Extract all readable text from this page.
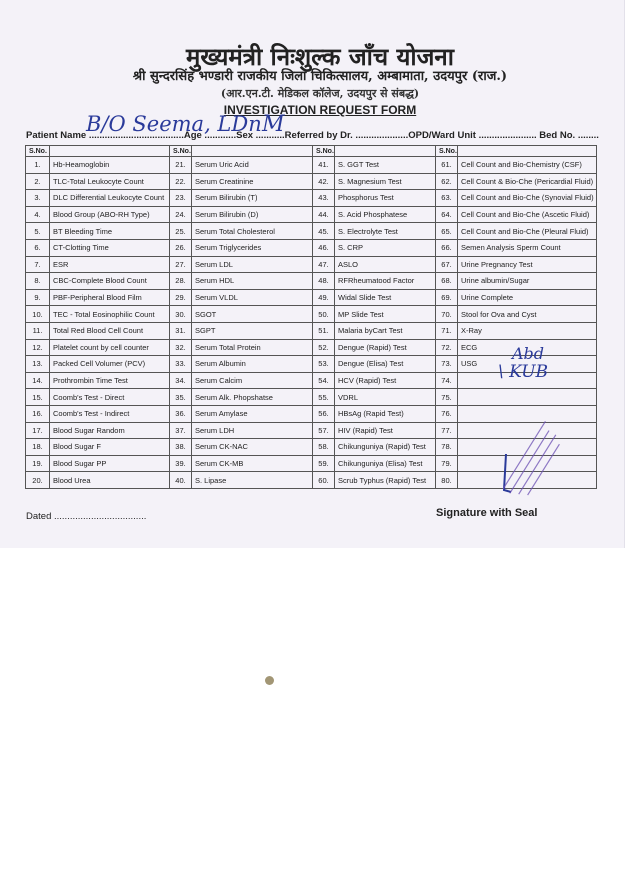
मुख्यमंत्री निःशुल्क जाँच योजना
श्री सुन्दरसिंह भण्डारी राजकीय जिला चिकित्सालय, अम्बामाता, उदयपुर (राज.)
(आर.एन.टी. मेडिकल कॉलेज, उदयपुर से संबद्ध)
INVESTIGATION REQUEST FORM
Patient Name ....................................Age ............Sex ...........Referred by Dr. ....................OPD/Ward Unit ...................... Bed No. ........
B/O Seema, LDn M
S.No.		S.No.		S.No.		S.No.	
1.	Hb-Heamoglobin	21.	Serum Uric Acid	41.	S. GGT Test	61.	Cell Count and Bio-Chemistry (CSF)
2.	TLC-Total Leukocyte Count	22.	Serum Creatinine	42.	S. Magnesium Test	62.	Cell Count & Bio-Che (Pericardial Fluid)
3.	DLC Differential Leukocyte Count	23.	Serum Bilirubin (T)	43.	Phosphorus Test	63.	Cell Count and Bio-Che (Synovial Fluid)
4.	Blood Group (ABO-RH Type)	24.	Serum Bilirubin (D)	44.	S. Acid Phosphatese	64.	Cell Count and Bio-Che (Ascetic Fluid)
5.	BT Bleeding Time	25.	Serum Total Cholesterol	45.	S. Electrolyte Test	65.	Cell Count and Bio-Che (Pleural Fluid)
6.	CT-Clotting Time	26.	Serum Triglycerides	46.	S. CRP	66.	Semen Analysis Sperm Count
7.	ESR	27.	Serum LDL	47.	ASLO	67.	Urine Pregnancy Test
8.	CBC-Complete Blood Count	28.	Serum HDL	48.	RFRheumatood Factor	68.	Urine albumin/Sugar
9.	PBF-Peripheral Blood Film	29.	Serum VLDL	49.	Widal Slide Test	69.	Urine Complete
10.	TEC - Total Eosinophilic Count	30.	SGOT	50.	MP Slide Test	70.	Stool for Ova and Cyst
11.	Total Red Blood Cell Count	31.	SGPT	51.	Malaria byCart Test	71.	X-Ray
12.	Platelet count by cell counter	32.	Serum Total Protein	52.	Dengue (Rapid) Test	72.	ECG
13.	Packed Cell Volumer (PCV)	33.	Serum Albumin	53.	Dengue (Elisa) Test	73.	USG
14.	Prothrombin Time Test	34.	Serum Calcim	54.	HCV (Rapid) Test	74.	
15.	Coomb's Test - Direct	35.	Serum Alk. Phopshatse	55.	VDRL	75.	
16.	Coomb's Test - Indirect	36.	Serum Amylase	56.	HBsAg (Rapid Test)	76.	
17.	Blood Sugar Random	37.	Serum LDH	57.	HIV (Rapid) Test	77.	
18.	Blood Sugar F	38.	Serum CK-NAC	58.	Chikunguniya (Rapid) Test	78.	
19.	Blood Sugar PP	39.	Serum CK-MB	59.	Chikunguniya (Elisa) Test	79.	
20.	Blood Urea	40.	S. Lipase	60.	Scrub Typhus (Rapid) Test	80.	
Abd
\ KUB
Dated ...................................	Signature with Seal
